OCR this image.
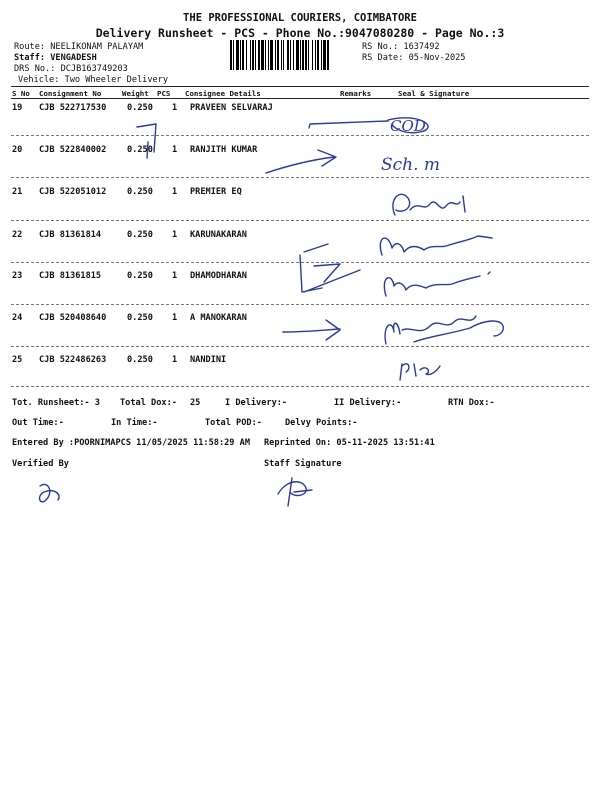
THE PROFESSIONAL COURIERS, COIMBATORE
Delivery Runsheet - PCS - Phone No.:9047080280 - Page No.:3
Route: NEELIKONAM PALAYAM
Staff: VENGADESH
DRS No.: DCJB163749203
Vehicle: Two Wheeler Delivery
RS No.: 1637492
RS Date: 05-Nov-2025
S No Consignment No	Weight PCS Consignee Details	Remarks	Seal & Signature
19 CJB 522717530 0.250 1 PRAVEEN SELVARAJ
20 CJB 522840002 0.250 1 RANJITH KUMAR
21 CJB 522051012 0.250 1 PREMIER EQ
22 CJB 81361814	0.250 1 KARUNAKARAN
23 CJB 81361815	0.250 1 DHAMODHARAN
24 CJB 520408640 0.250 1 A MANOKARAN
25 CJB 522486263 0.250 1 NANDINI
Tot. Runsheet:- 3 Total Dox:- 25	I Delivery:-	II Delivery:-	RTN Dox:-
Out Time:-	In Time:-	Total POD:-	Delvy Points:-
Entered By :POORNIMAPCS 11/05/2025 11:58:29 AM Reprinted On: 05-11-2025 13:51:41
Verified By	Staff Signature
COD
Sch. m
